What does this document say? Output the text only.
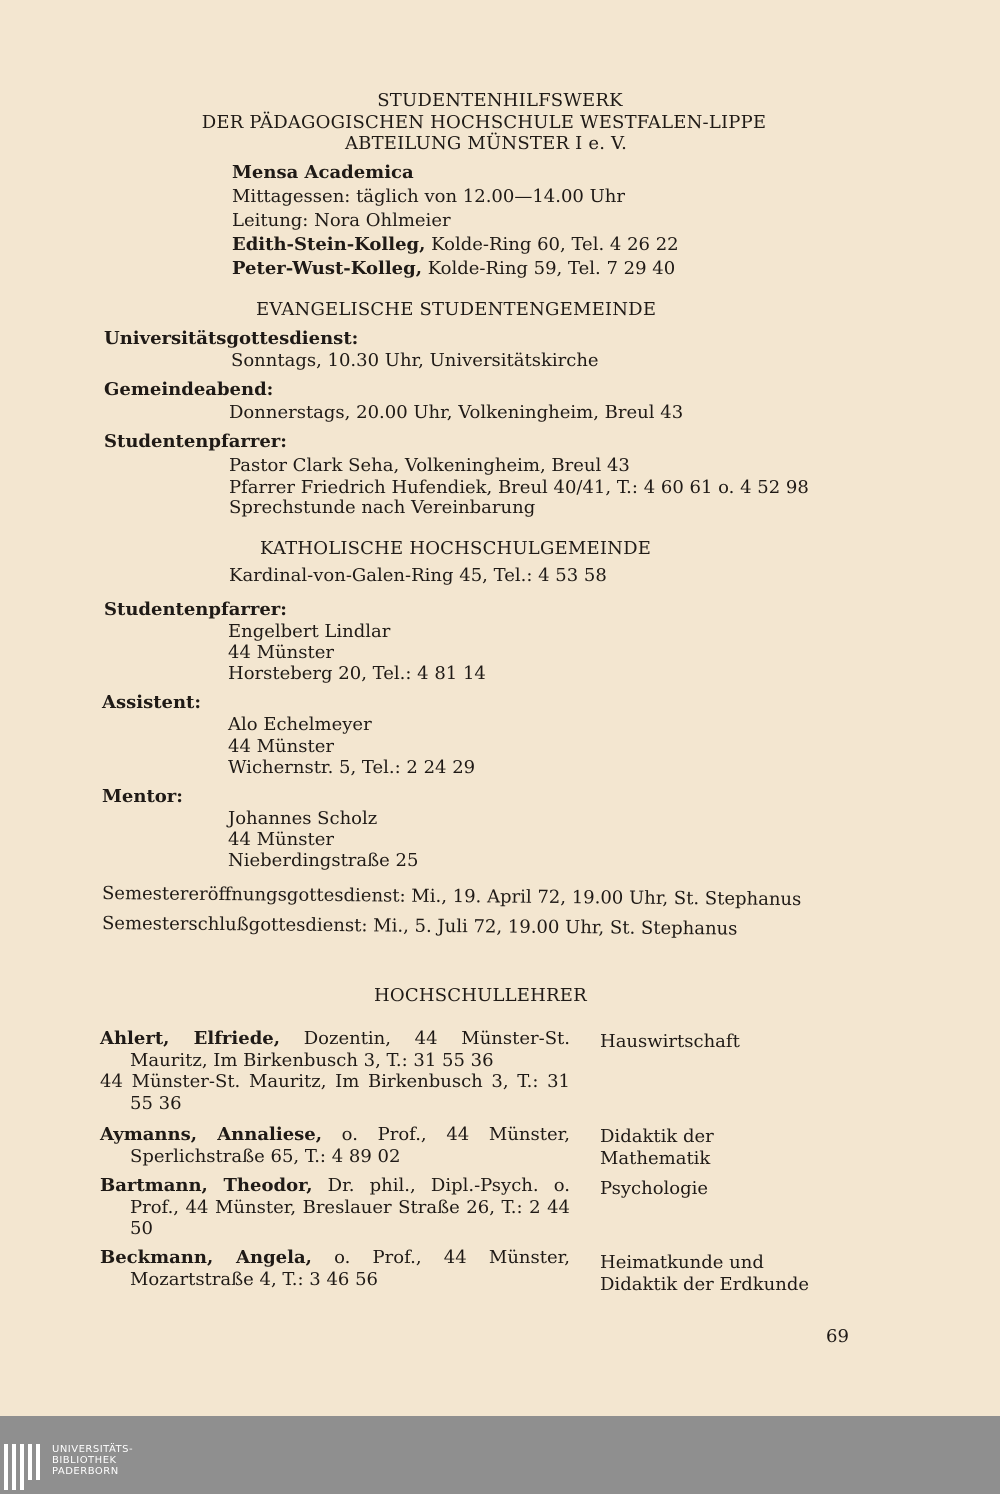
STUDENTENHILFSWERK
DER PÄDAGOGISCHEN HOCHSCHULE WESTFALEN-LIPPE
ABTEILUNG MÜNSTER I e. V.
Mensa Academica
Mittagessen: täglich von 12.00—14.00 Uhr
Leitung: Nora Ohlmeier
Edith-Stein-Kolleg, Kolde-Ring 60, Tel. 4 26 22
Peter-Wust-Kolleg, Kolde-Ring 59, Tel. 7 29 40
EVANGELISCHE STUDENTENGEMEINDE
Universitätsgottesdienst:
Sonntags, 10.30 Uhr, Universitätskirche
Gemeindeabend:
Donnerstags, 20.00 Uhr, Volkeningheim, Breul 43
Studentenpfarrer:
Pastor Clark Seha, Volkeningheim, Breul 43
Pfarrer Friedrich Hufendiek, Breul 40/41, T.: 4 60 61 o. 4 52 98
Sprechstunde nach Vereinbarung
KATHOLISCHE HOCHSCHULGEMEINDE
Kardinal-von-Galen-Ring 45, Tel.: 4 53 58
Studentenpfarrer:
Engelbert Lindlar
44 Münster
Horsteberg 20, Tel.: 4 81 14
Assistent:
Alo Echelmeyer
44 Münster
Wichernstr. 5, Tel.: 2 24 29
Mentor:
Johannes Scholz
44 Münster
Nieberdingstraße 25
Semestereröffnungsgottesdienst: Mi., 19. April 72, 19.00 Uhr, St. Stephanus
Semesterschlußgottesdienst: Mi., 5. Juli 72, 19.00 Uhr, St. Stephanus
HOCHSCHULLEHRER
Ahlert, Elfriede, Dozentin, 44 Münster-St. Mauritz, Im Birkenbusch 3, T.: 31 55 36
44 Münster-St. Mauritz, Im Birkenbusch 3, T.: 31 55 36
Hauswirtschaft
Aymanns, Annaliese, o. Prof., 44 Münster, Sperlichstraße 65, T.: 4 89 02
Didaktik der
Mathematik
Bartmann, Theodor, Dr. phil., Dipl.-Psych. o. Prof., 44 Münster, Breslauer Straße 26, T.: 2 44 50
Psychologie
Beckmann, Angela, o. Prof., 44 Münster, Mozartstraße 4, T.: 3 46 56
Heimatkunde und
Didaktik der Erdkunde
69
UNIVERSITÄTS-
BIBLIOTHEK
PADERBORN
